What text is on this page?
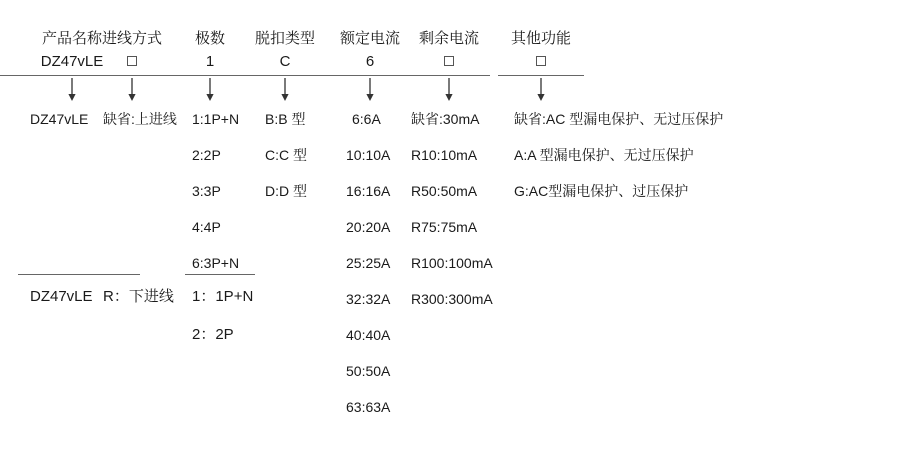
产品名称
DZ47vLE
DZ47vLE
进线方式
缺省:上进线
极数
1
1:1P+N
2:2P
3:3P
4:4P
6:3P+N
脱扣类型
C
B:B 型
C:C 型
D:D 型
额定电流
6
6:6A
10:10A
16:16A
20:20A
25:25A
32:32A
40:40A
50:50A
63:63A
剩余电流
缺省:30mA
R10:10mA
R50:50mA
R75:75mA
R100:100mA
R300:300mA
其他功能
缺省:AC 型漏电保护、无过压保护
A:A 型漏电保护、无过压保护
G:AC型漏电保护、过压保护
DZ47vLE R：下进线 1：1P+N
2：2P
